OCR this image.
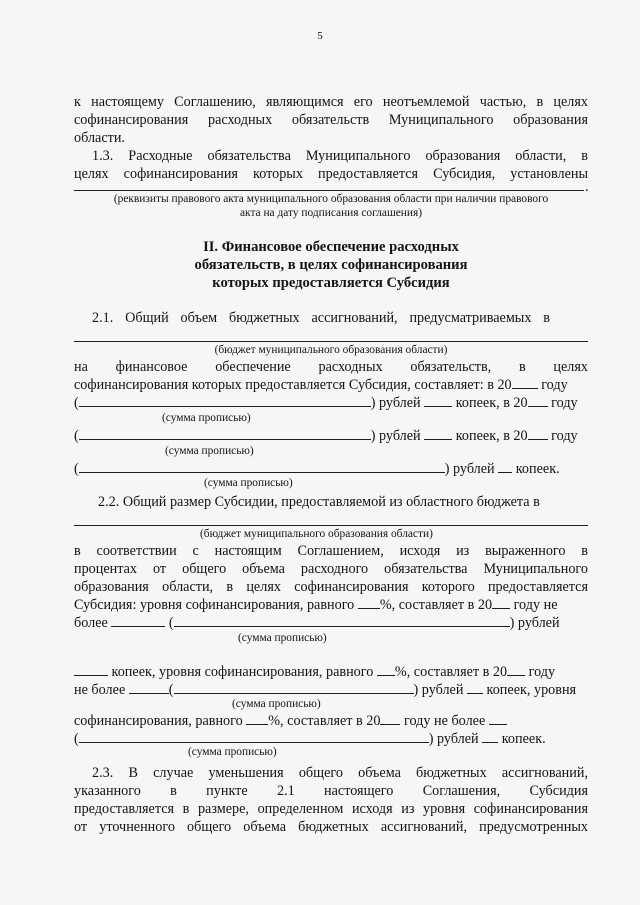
5
к настоящему Соглашению, являющимся его неотъемлемой частью, в целях
софинансирования расходных обязательств Муниципального образования
области.
1.3. Расходные обязательства Муниципального образования области, в
целях софинансирования которых предоставляется Субсидия, установлены
.
(реквизиты правового акта муниципального образования области при наличии правового
акта на дату подписания соглашения)
II. Финансовое обеспечение расходных
обязательств, в целях софинансирования
которых предоставляется Субсидия
2.1. Общий объем бюджетных ассигнований, предусматриваемых в
(бюджет муниципального образования области)
на финансовое обеспечение расходных обязательств, в целях
софинансирования которых предоставляется Субсидия, составляет: в 20 году
(	) рублей копеек, в 20 году
(сумма прописью)
(	) рублей копеек, в 20 году
(сумма прописью)
(	) рублей копеек.
(сумма прописью)
2.2. Общий размер Субсидии, предоставляемой из областного бюджета в
(бюджет муниципального образования области)
в соответствии с настоящим Соглашением, исходя из выраженного в
процентах от общего объема расходного обязательства Муниципального
образования области, в целях софинансирования которого предоставляется
Субсидия: уровня софинансирования, равного %, составляет в 20 году не
более	(	) рублей
(сумма прописью)
копеек, уровня софинансирования, равного %, составляет в 20 году
не более	(	) рублей копеек, уровня
(сумма прописью)
софинансирования, равного %, составляет в 20 году не более
(	) рублей копеек.
(сумма прописью)
2.3. В случае уменьшения общего объема бюджетных ассигнований,
указанного в пункте 2.1 настоящего Соглашения, Субсидия
предоставляется в размере, определенном исходя из уровня софинансирования
от уточненного общего объема бюджетных ассигнований, предусмотренных
